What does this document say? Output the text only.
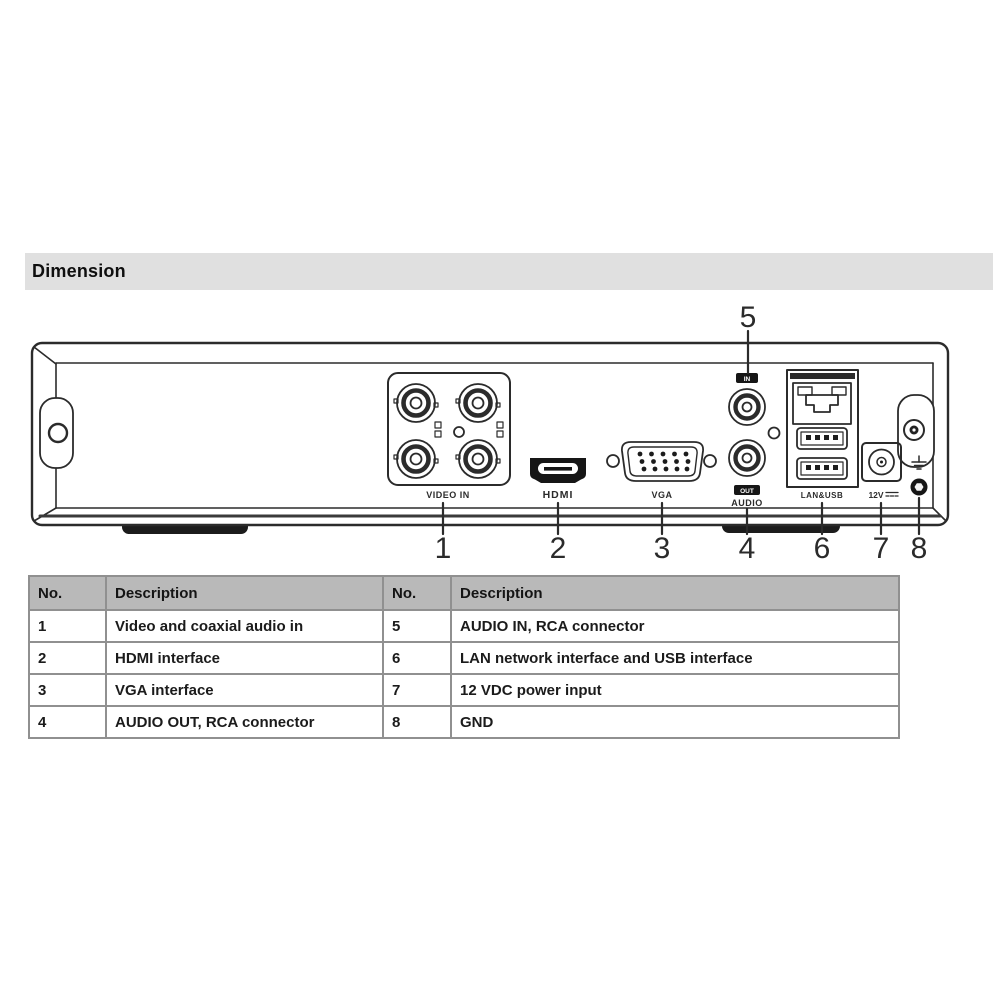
Dimension
VIDEO IN	HDMI	VGA
IN
OUT
AUDIO
LAN&USB	12V
1	2	3 4
5
6 7 8
No.	Description	No.	Description
1	Video and coaxial audio in	5	AUDIO IN, RCA connector
2	HDMI interface	6	LAN network interface and USB interface
3	VGA interface	7	12 VDC power input
4	AUDIO OUT, RCA connector	8	GND
